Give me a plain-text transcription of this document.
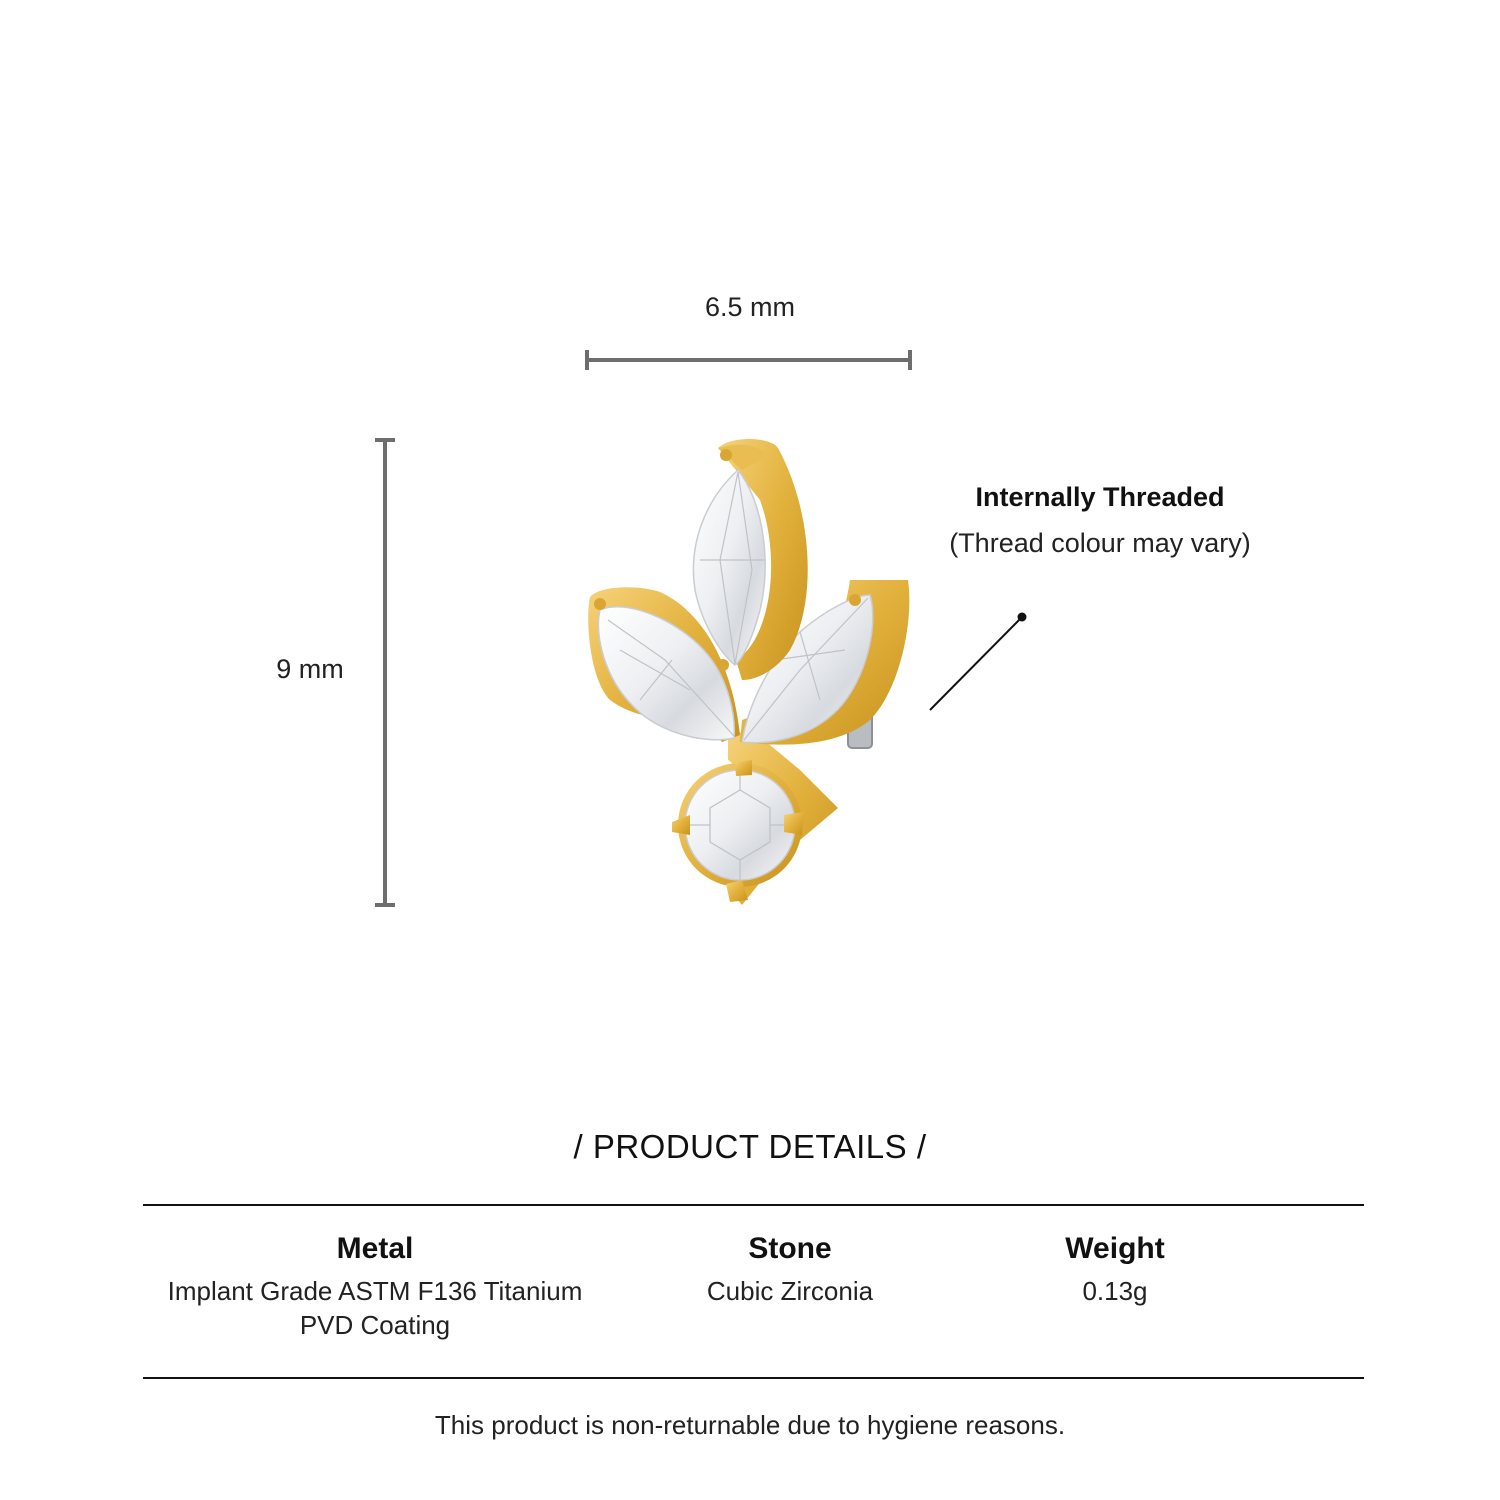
6.5 mm
9 mm
Internally Threaded
(Thread colour may vary)
/ PRODUCT DETAILS /
Metal
Implant Grade ASTM F136 Titanium
PVD Coating
Stone
Cubic Zirconia
Weight
0.13g
This product is non-returnable due to hygiene reasons.
